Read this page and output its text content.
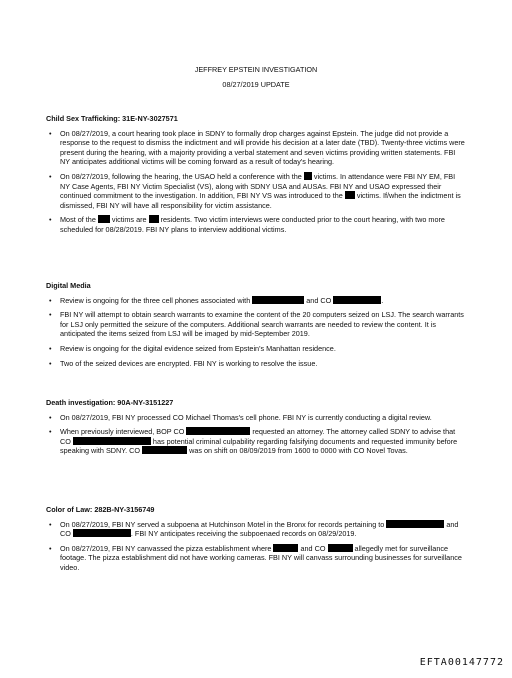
JEFFREY EPSTEIN INVESTIGATION
08/27/2019 UPDATE
Child Sex Trafficking: 31E-NY-3027571
• On 08/27/2019, a court hearing took place in SDNY to formally drop charges against Epstein. The judge did not provide a response to the request to dismiss the indictment and will provide his decision at a later date (TBD). Twenty-three victims were present during the hearing, with a majority providing a verbal statement and seven victims providing written statements. FBI NY anticipates additional victims will be coming forward as a result of today's hearing.
• On 08/27/2019, following the hearing, the USAO held a conference with the victims. In attendance were FBI NY EM, FBI NY Case Agents, FBI NY Victim Specialist (VS), along with SDNY USA and AUSAs. FBI NY and USAO expressed their continued commitment to the investigation. In addition, FBI NY VS was introduced to the victims. If/when the indictment is dismissed, FBI NY will have all responsibility for victim assistance.
• Most of the victims are residents. Two victim interviews were conducted prior to the court hearing, with two more scheduled for 08/28/2019. FBI NY plans to interview additional victims.
Digital Media
• Review is ongoing for the three cell phones associated with	and CO	.
• FBI NY will attempt to obtain search warrants to examine the content of the 20 computers seized on LSJ. The search warrants for LSJ only permitted the seizure of the computers. Additional search warrants are needed to review the content. It is anticipated the items seized from LSJ will be imaged by mid-September 2019.
• Review is ongoing for the digital evidence seized from Epstein's Manhattan residence.
• Two of the seized devices are encrypted. FBI NY is working to resolve the issue.
Death investigation: 90A-NY-3151227
• On 08/27/2019, FBI NY processed CO Michael Thomas's cell phone. FBI NY is currently conducting a digital review.
• When previously interviewed, BOP CO	requested an attorney. The attorney called SDNY to advise that CO	has potential criminal culpability regarding falsifying documents and requested immunity before speaking with SDNY. CO	was on shift on 08/09/2019 from 1600 to 0000 with CO Novel Tovas.
Color of Law: 282B-NY-3156749
• On 08/27/2019, FBI NY served a subpoena at Hutchinson Motel in the Bronx for records pertaining to	and CO	. FBI NY anticipates receiving the subpoenaed records on 08/29/2019.
• On 08/27/2019, FBI NY canvassed the pizza establishment where	and CO	allegedly met for surveillance footage. The pizza establishment did not have working cameras. FBI NY will canvass surrounding businesses for surveillance video.
EFTA00147772
